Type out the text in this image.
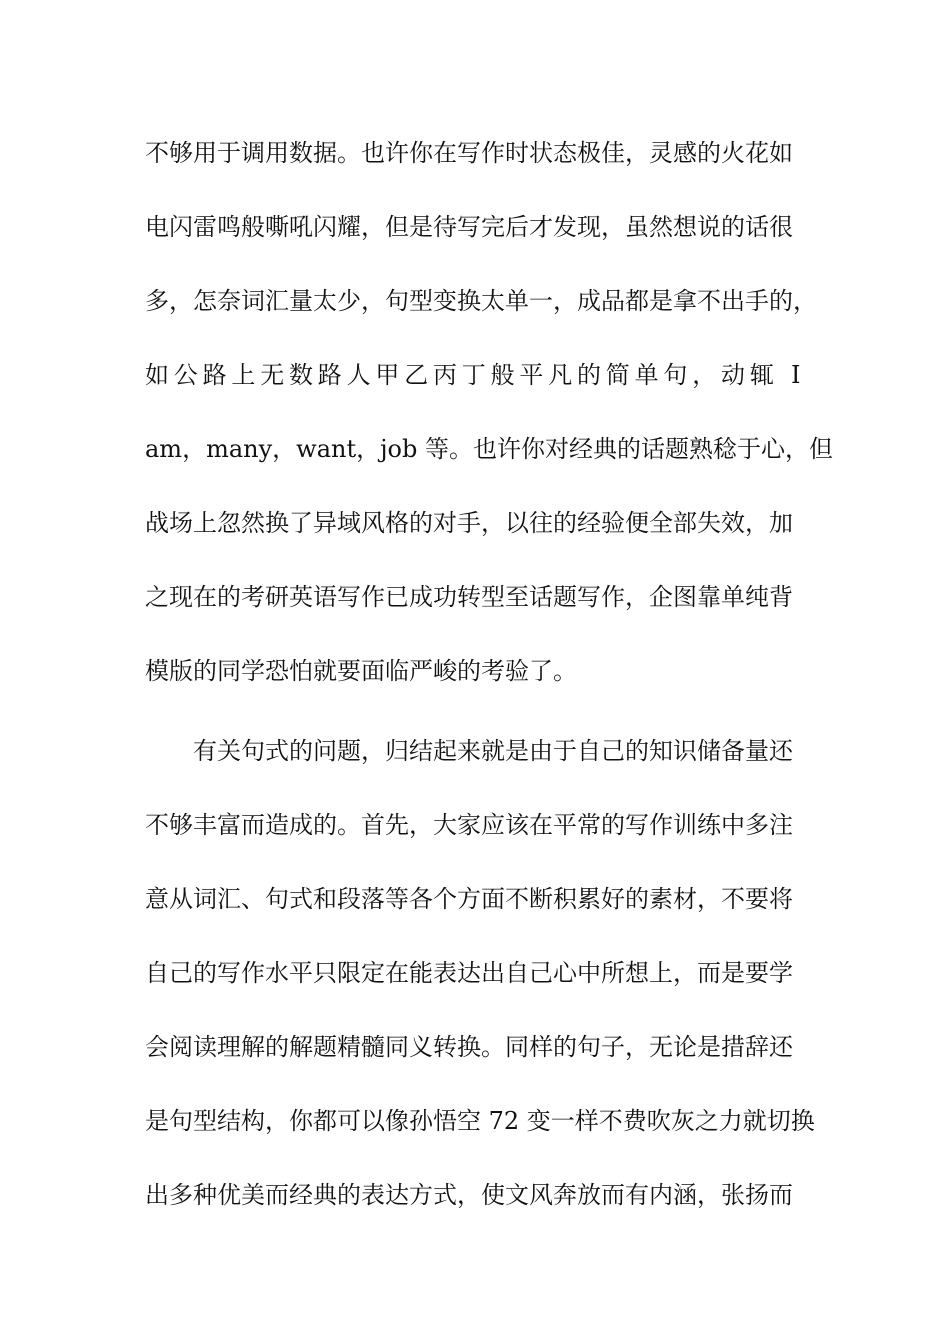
不够用于调用数据。也许你在写作时状态极佳，灵感的火花如
电闪雷鸣般嘶吼闪耀，但是待写完后才发现，虽然想说的话很
多，怎奈词汇量太少，句型变换太单一，成品都是拿不出手的，
如公路上无数路人甲乙丙丁般平凡的简单句，动辄 I
am，many，want，job 等。也许你对经典的话题熟稔于心，但
战场上忽然换了异域风格的对手，以往的经验便全部失效，加
之现在的考研英语写作已成功转型至话题写作，企图靠单纯背
模版的同学恐怕就要面临严峻的考验了。
有关句式的问题，归结起来就是由于自己的知识储备量还
不够丰富而造成的。首先，大家应该在平常的写作训练中多注
意从词汇、句式和段落等各个方面不断积累好的素材，不要将
自己的写作水平只限定在能表达出自己心中所想上，而是要学
会阅读理解的解题精髓同义转换。同样的句子，无论是措辞还
是句型结构，你都可以像孙悟空 72 变一样不费吹灰之力就切换
出多种优美而经典的表达方式，使文风奔放而有内涵，张扬而
